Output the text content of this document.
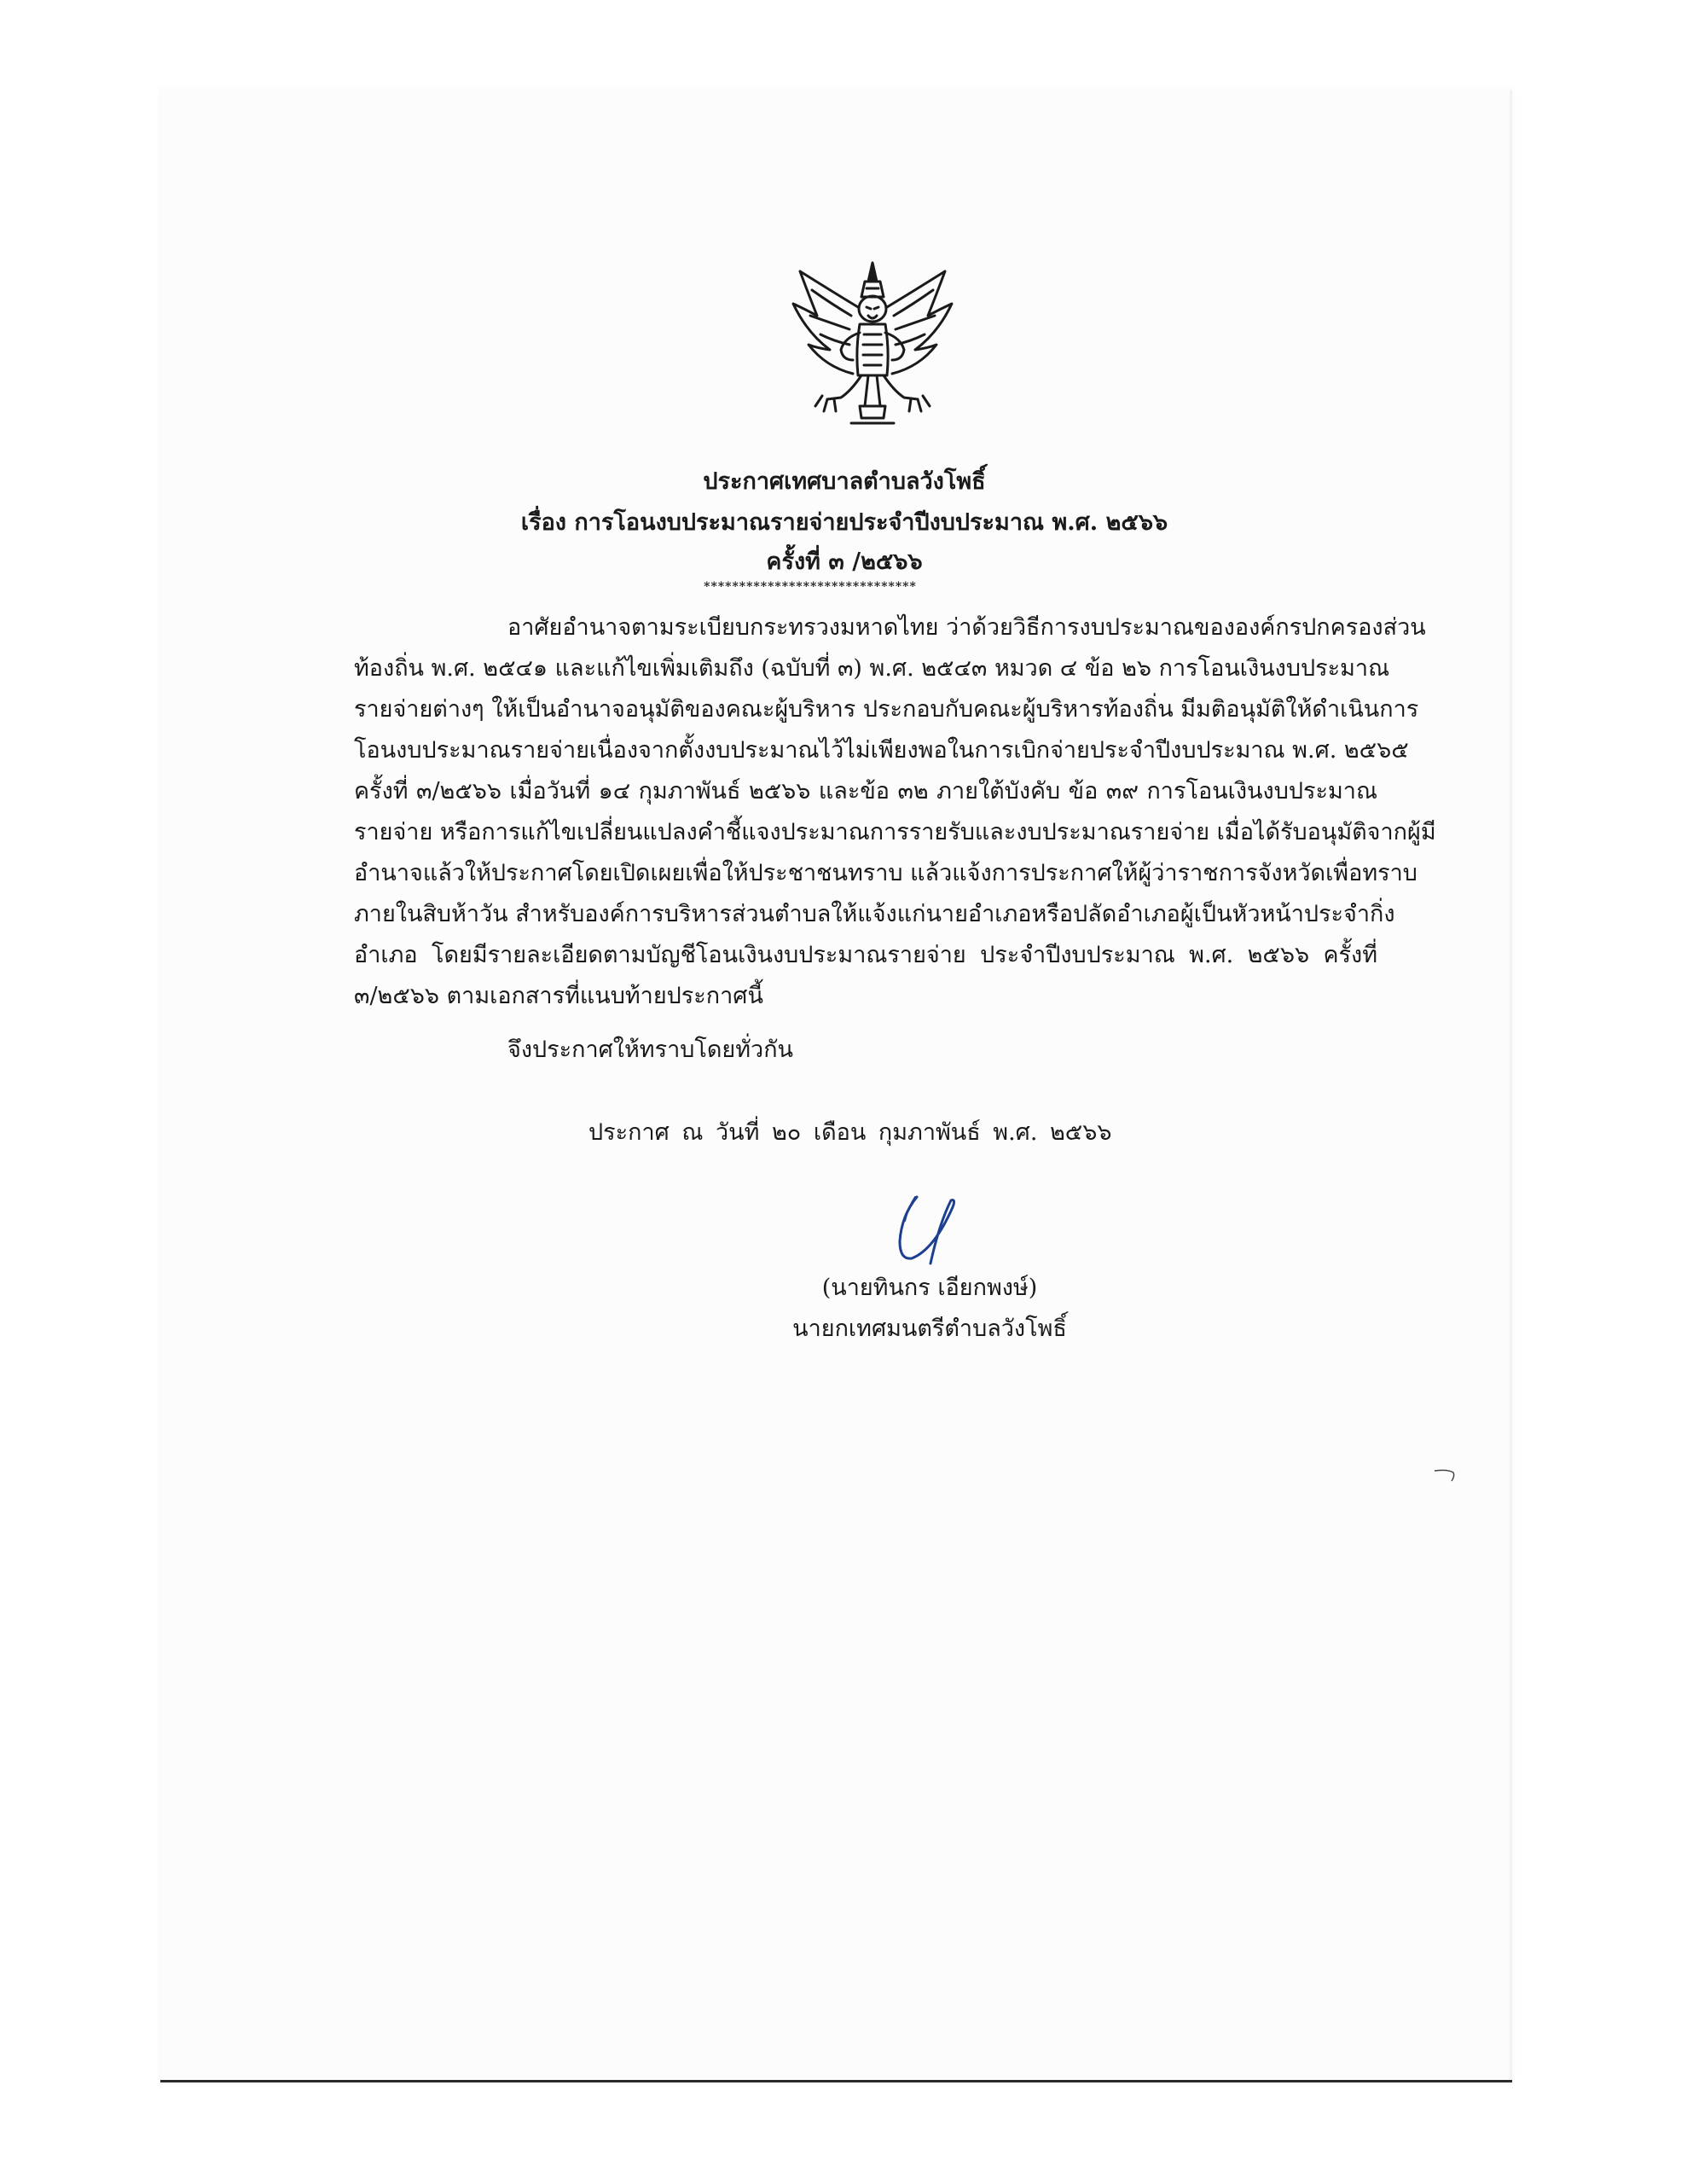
ประกาศเทศบาลตำบลวังโพธิ์
เรื่อง การโอนงบประมาณรายจ่ายประจำปีงบประมาณ พ.ศ. ๒๕๖๖
ครั้งที่ ๓ /๒๕๖๖
******************************

อาศัยอำนาจตามระเบียบกระทรวงมหาดไทย ว่าด้วยวิธีการงบประมาณขององค์กรปกครองส่วน
ท้องถิ่น พ.ศ. ๒๕๔๑ และแก้ไขเพิ่มเติมถึง (ฉบับที่ ๓) พ.ศ. ๒๕๔๓ หมวด ๔ ข้อ ๒๖ การโอนเงินงบประมาณ
รายจ่ายต่างๆ ให้เป็นอำนาจอนุมัติของคณะผู้บริหาร ประกอบกับคณะผู้บริหารท้องถิ่น มีมติอนุมัติให้ดำเนินการ
โอนงบประมาณรายจ่ายเนื่องจากตั้งงบประมาณไว้ไม่เพียงพอในการเบิกจ่ายประจำปีงบประมาณ พ.ศ. ๒๕๖๕
ครั้งที่ ๓/๒๕๖๖ เมื่อวันที่ ๑๔ กุมภาพันธ์ ๒๕๖๖ และข้อ ๓๒ ภายใต้บังคับ ข้อ ๓๙ การโอนเงินงบประมาณ
รายจ่าย หรือการแก้ไขเปลี่ยนแปลงคำชี้แจงประมาณการรายรับและงบประมาณรายจ่าย เมื่อได้รับอนุมัติจากผู้มี
อำนาจแล้วให้ประกาศโดยเปิดเผยเพื่อให้ประชาชนทราบ แล้วแจ้งการประกาศให้ผู้ว่าราชการจังหวัดเพื่อทราบ
ภายในสิบห้าวัน สำหรับองค์การบริหารส่วนตำบลให้แจ้งแก่นายอำเภอหรือปลัดอำเภอผู้เป็นหัวหน้าประจำกิ่ง
อำเภอ โดยมีรายละเอียดตามบัญชีโอนเงินงบประมาณรายจ่าย ประจำปีงบประมาณ พ.ศ. ๒๕๖๖ ครั้งที่
๓/๒๕๖๖ ตามเอกสารที่แนบท้ายประกาศนี้

จึงประกาศให้ทราบโดยทั่วกัน
ประกาศ ณ วันที่ ๒๐ เดือน กุมภาพันธ์ พ.ศ. ๒๕๖๖
(นายทินกร เอียกพงษ์)
นายกเทศมนตรีตำบลวังโพธิ์
